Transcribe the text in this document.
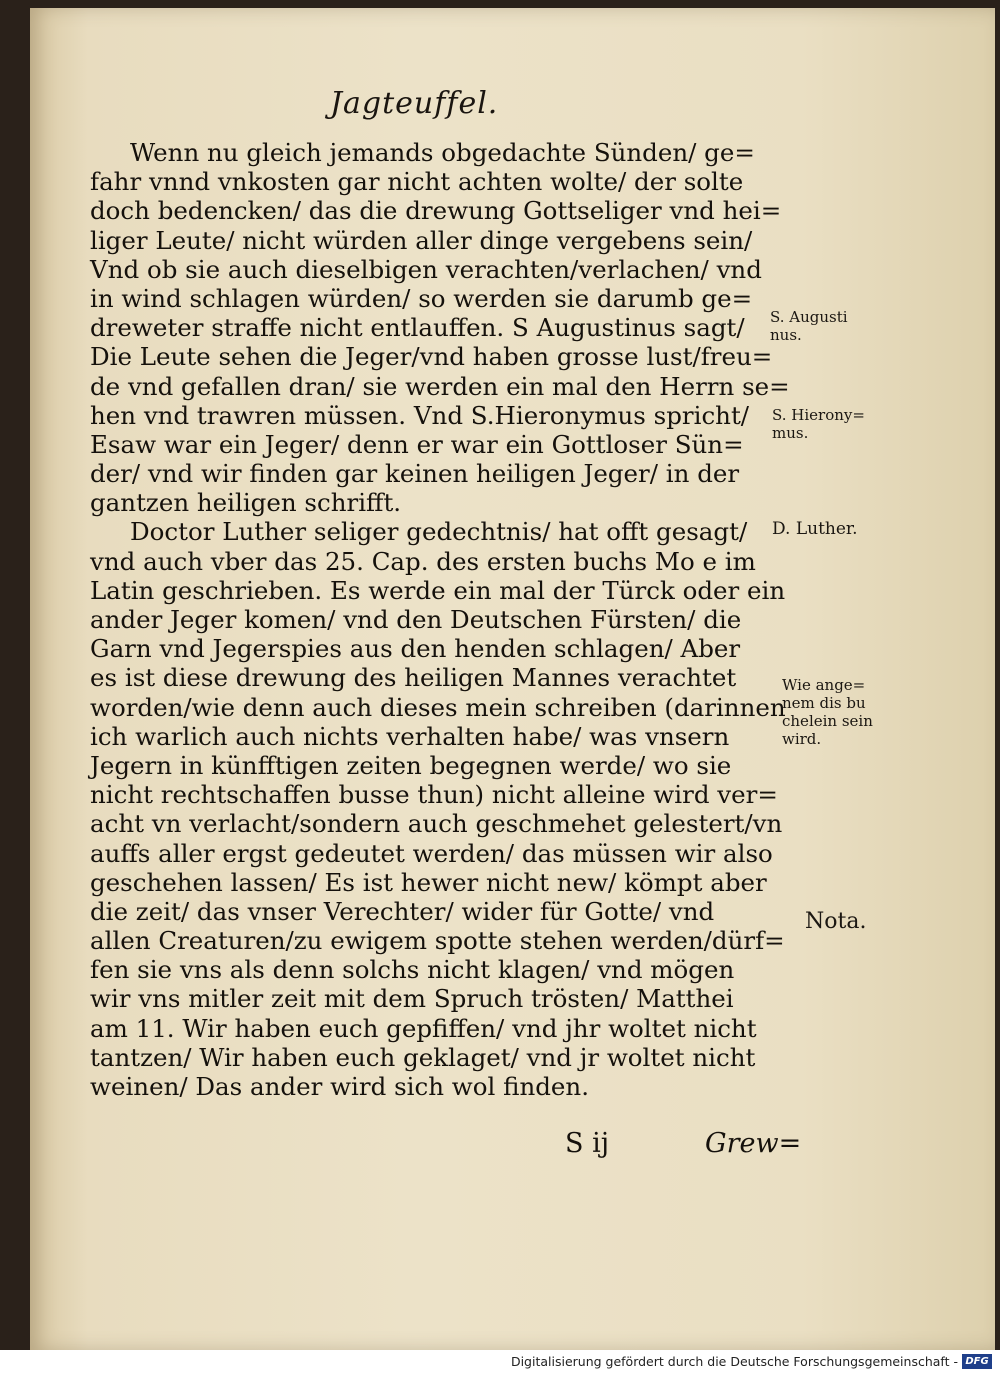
Jagteuffel.
Wenn nu gleich jemands obgedachte Sünden/ ge=
fahr vnnd vnkosten gar nicht achten wolte/ der solte
doch bedencken/ das die drewung Gottseliger vnd hei=
liger Leute/ nicht würden aller dinge vergebens sein/
Vnd ob sie auch dieselbigen verachten/verlachen/ vnd
in wind schlagen würden/ so werden sie darumb ge=
dreweter straffe nicht entlauffen. S Augustinus sagt/
Die Leute sehen die Jeger/vnd haben grosse lust/freu=
de vnd gefallen dran/ sie werden ein mal den Herrn se=
hen vnd trawren müssen. Vnd S.Hieronymus spricht/
Esaw war ein Jeger/ denn er war ein Gottloser Sün=
der/ vnd wir finden gar keinen heiligen Jeger/ in der
gantzen heiligen schrifft.
Doctor Luther seliger gedechtnis/ hat offt gesagt/
vnd auch vber das 25. Cap. des ersten buchs Mo e im
Latin geschrieben. Es werde ein mal der Türck oder ein
ander Jeger komen/ vnd den Deutschen Fürsten/ die
Garn vnd Jegerspies aus den henden schlagen/ Aber
es ist diese drewung des heiligen Mannes verachtet
worden/wie denn auch dieses mein schreiben (darinnen
ich warlich auch nichts verhalten habe/ was vnsern
Jegern in künfftigen zeiten begegnen werde/ wo sie
nicht rechtschaffen busse thun) nicht alleine wird ver=
acht vn verlacht/sondern auch geschmehet gelestert/vn
auffs aller ergst gedeutet werden/ das müssen wir also
geschehen lassen/ Es ist hewer nicht new/ kömpt aber
die zeit/ das vnser Verechter/ wider für Gotte/ vnd
allen Creaturen/zu ewigem spotte stehen werden/dürf=
fen sie vns als denn solchs nicht klagen/ vnd mögen
wir vns mitler zeit mit dem Spruch trösten/ Matthei
am 11. Wir haben euch gepfiffen/ vnd jhr woltet nicht
tantzen/ Wir haben euch geklaget/ vnd jr woltet nicht
weinen/ Das ander wird sich wol finden.
S ij	Grew=
S. Augusti
nus.
S. Hierony=
mus.
D. Luther.
Wie ange=
nem dis bu
chelein sein
wird.
Nota.
Digitalisierung gefördert durch die Deutsche Forschungsgemeinschaft - DFG
